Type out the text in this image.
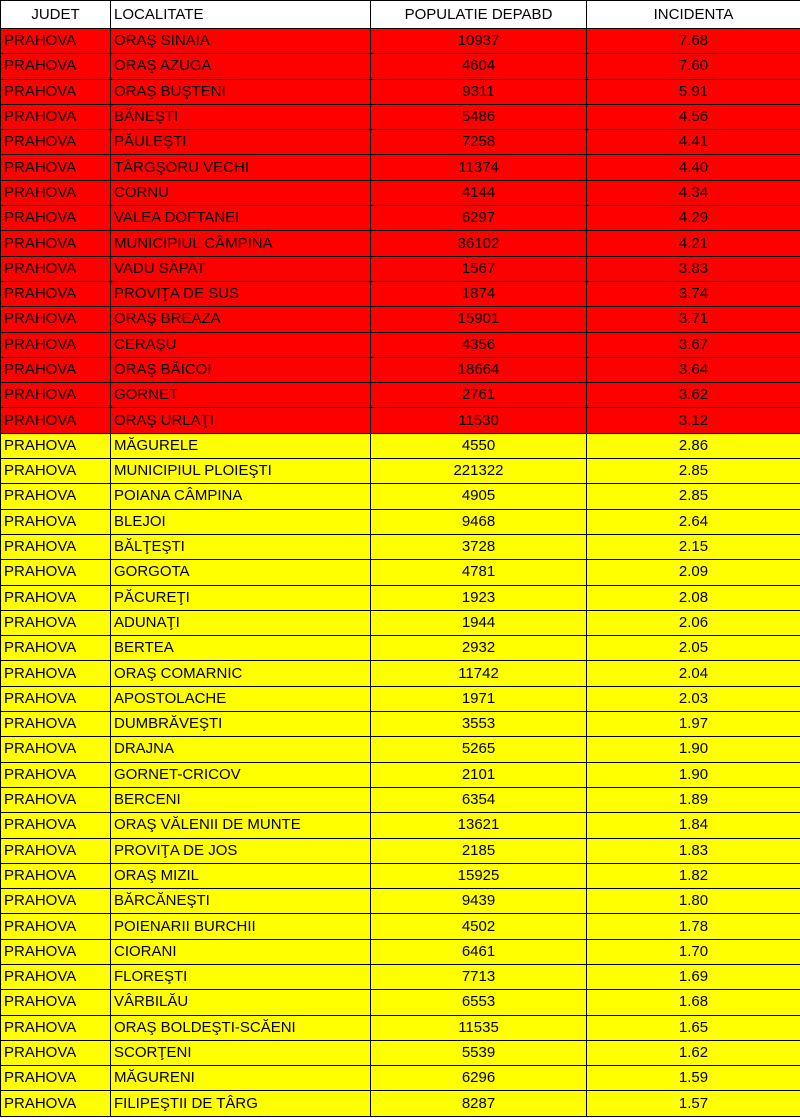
JUDET	LOCALITATE	POPULATIE DEPABD	INCIDENTA
PRAHOVA	ORAŞ SINAIA	10937	7.68
PRAHOVA	ORAŞ AZUGA	4604	7.60
PRAHOVA	ORAŞ BUŞTENI	9311	5.91
PRAHOVA	BĂNEŞTI	5486	4.56
PRAHOVA	PĂULEŞTI	7258	4.41
PRAHOVA	TÂRGŞORU VECHI	11374	4.40
PRAHOVA	CORNU	4144	4.34
PRAHOVA	VALEA DOFTANEI	6297	4.29
PRAHOVA	MUNICIPIUL CÂMPINA	36102	4.21
PRAHOVA	VADU SĂPAT	1567	3.83
PRAHOVA	PROVIŢA DE SUS	1874	3.74
PRAHOVA	ORAŞ BREAZA	15901	3.71
PRAHOVA	CERAŞU	4356	3.67
PRAHOVA	ORAŞ BĂICOI	18664	3.64
PRAHOVA	GORNET	2761	3.62
PRAHOVA	ORAŞ URLAŢI	11530	3.12
PRAHOVA	MĂGURELE	4550	2.86
PRAHOVA	MUNICIPIUL PLOIEŞTI	221322	2.85
PRAHOVA	POIANA CÂMPINA	4905	2.85
PRAHOVA	BLEJOI	9468	2.64
PRAHOVA	BĂLŢEŞTI	3728	2.15
PRAHOVA	GORGOTA	4781	2.09
PRAHOVA	PĂCUREŢI	1923	2.08
PRAHOVA	ADUNAŢI	1944	2.06
PRAHOVA	BERTEA	2932	2.05
PRAHOVA	ORAŞ COMARNIC	11742	2.04
PRAHOVA	APOSTOLACHE	1971	2.03
PRAHOVA	DUMBRĂVEŞTI	3553	1.97
PRAHOVA	DRAJNA	5265	1.90
PRAHOVA	GORNET-CRICOV	2101	1.90
PRAHOVA	BERCENI	6354	1.89
PRAHOVA	ORAŞ VĂLENII DE MUNTE	13621	1.84
PRAHOVA	PROVIŢA DE JOS	2185	1.83
PRAHOVA	ORAŞ MIZIL	15925	1.82
PRAHOVA	BĂRCĂNEŞTI	9439	1.80
PRAHOVA	POIENARII BURCHII	4502	1.78
PRAHOVA	CIORANI	6461	1.70
PRAHOVA	FLOREŞTI	7713	1.69
PRAHOVA	VÂRBILĂU	6553	1.68
PRAHOVA	ORAŞ BOLDEŞTI-SCĂENI	11535	1.65
PRAHOVA	SCORŢENI	5539	1.62
PRAHOVA	MĂGURENI	6296	1.59
PRAHOVA	FILIPEŞTII DE TÂRG	8287	1.57
